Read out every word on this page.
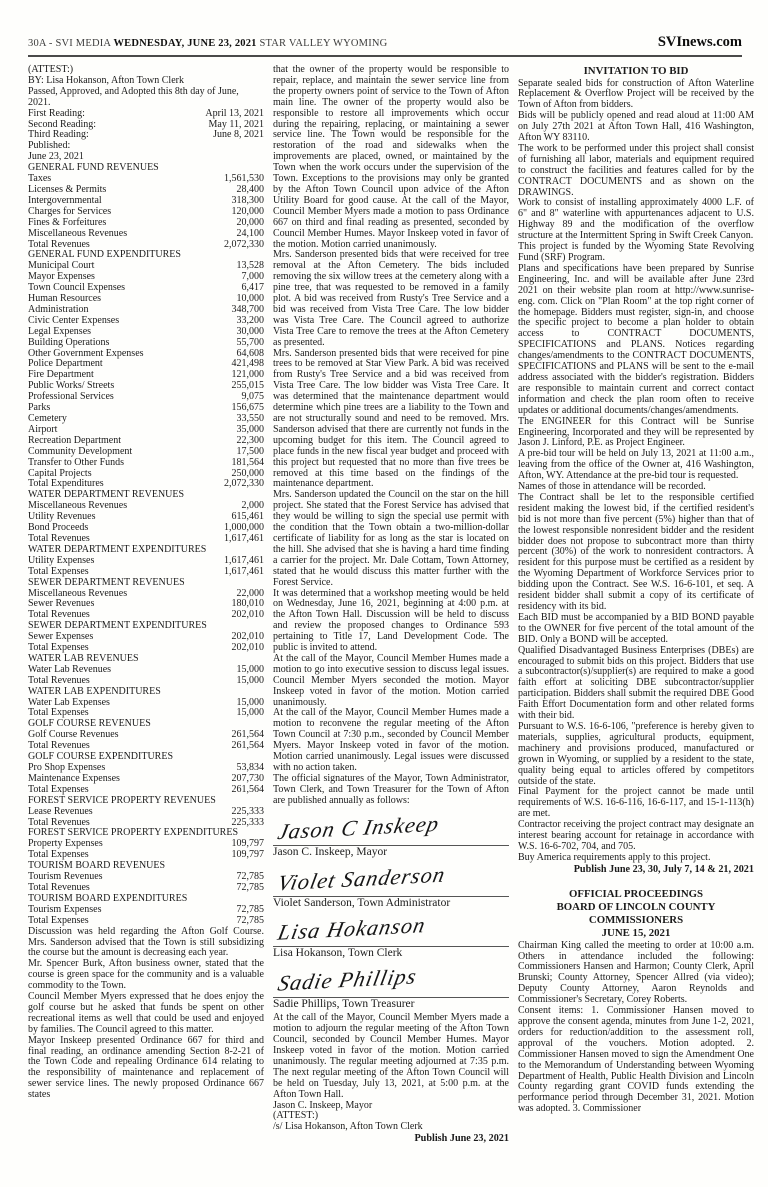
30A - SVI MEDIA WEDNESDAY, JUNE 23, 2021 STAR VALLEY WYOMING	SVInews.com
(ATTEST:)
BY: Lisa Hokanson, Afton Town Clerk
Passed, Approved, and Adopted this 8th day of June, 2021.
First Reading:	April 13, 2021
Second Reading:	May 11, 2021
Third Reading:	June 8, 2021
Published:
June 23, 2021
GENERAL FUND REVENUES
Taxes	1,561,530
Licenses & Permits	28,400
Intergovernmental	318,300
Charges for Services	120,000
Fines & Forfeitures	20,000
Miscellaneous Revenues	24,100
Total Revenues	2,072,330
GENERAL FUND EXPENDITURES
Municipal Court	13,528
Mayor Expenses	7,000
Town Council Expenses	6,417
Human Resources	10,000
Administration	348,700
Civic Center Expenses	33,200
Legal Expenses	30,000
Building Operations	55,700
Other Government Expenses	64,608
Police Department	421,498
Fire Department	121,000
Public Works/ Streets	255,015
Professional Services	9,075
Parks	156,675
Cemetery	33,550
Airport	35,000
Recreation Department	22,300
Community Development	17,500
Transfer to Other Funds	181,564
Capital Projects	250,000
Total Expenditures	2,072,330
WATER DEPARTMENT REVENUES
Miscellaneous Revenues	2,000
Utility Revenues	615,461
Bond Proceeds	1,000,000
Total Revenues	1,617,461
WATER DEPARTMENT EXPENDITURES
Utility Expenses	1,617,461
Total Expenses	1,617,461
SEWER DEPARTMENT REVENUES
Miscellaneous Revenues	22,000
Sewer Revenues	180,010
Total Revenues	202,010
SEWER DEPARTMENT EXPENDITURES
Sewer Expenses	202,010
Total Expenses	202,010
WATER LAB REVENUES
Water Lab Revenues	15,000
Total Revenues	15,000
WATER LAB EXPENDITURES
Water Lab Expenses	15,000
Total Expenses	15,000
GOLF COURSE REVENUES
Golf Course Revenues	261,564
Total Revenues	261,564
GOLF COURSE EXPENDITURES
Pro Shop Expenses	53,834
Maintenance Expenses	207,730
Total Expenses	261,564
FOREST SERVICE PROPERTY REVENUES
Lease Revenues	225,333
Total Revenues	225,333
FOREST SERVICE PROPERTY EXPENDITURES
Property Expenses	109,797
Total Expenses	109,797
TOURISM BOARD REVENUES
Tourism Revenues	72,785
Total Revenues	72,785
TOURISM BOARD EXPENDITURES
Tourism Expenses	72,785
Total Expenses	72,785

Discussion was held regarding the Afton Golf Course. Mrs. Sanderson advised that the Town is still subsidizing the course but the amount is decreasing each year.

Mr. Spencer Burk, Afton business owner, stated that the course is green space for the community and is a valuable commodity to the Town.

Council Member Myers expressed that he does enjoy the golf course but he asked that funds be spent on other recreational items as well that could be used and enjoyed by families. The Council agreed to this matter.

Mayor Inskeep presented Ordinance 667 for third and final reading, an ordinance amending Section 8-2-21 of the Town Code and repealing Ordinance 614 relating to the responsibility of maintenance and replacement of sewer service lines. The newly proposed Ordinance 667 states

that the owner of the property would be responsible to repair, replace, and maintain the sewer service line from the property owners point of service to the Town of Afton main line. The owner of the property would also be responsible to restore all improvements which occur during the repairing, replacing, or maintaining a sewer service line. The Town would be responsible for the restoration of the road and sidewalks when the improvements are placed, owned, or maintained by the Town when the work occurs under the supervision of the Town. Exceptions to the provisions may only be granted by the Afton Town Council upon advice of the Afton Utility Board for good cause. At the call of the Mayor, Council Member Myers made a motion to pass Ordinance 667 on third and final reading as presented, seconded by Council Member Humes. Mayor Inskeep voted in favor of the motion. Motion carried unanimously.

Mrs. Sanderson presented bids that were received for tree removal at the Afton Cemetery. The bids included removing the six willow trees at the cemetery along with a pine tree, that was requested to be removed in a family plot. A bid was received from Rusty's Tree Service and a bid was received from Vista Tree Care. The low bidder was Vista Tree Care. The Council agreed to authorize Vista Tree Care to remove the trees at the Afton Cemetery as presented.

Mrs. Sanderson presented bids that were received for pine trees to be removed at Star View Park. A bid was received from Rusty's Tree Service and a bid was received from Vista Tree Care. The low bidder was Vista Tree Care. It was determined that the maintenance department would determine which pine trees are a liability to the Town and are not structurally sound and need to be removed. Mrs. Sanderson advised that there are currently not funds in the upcoming budget for this item. The Council agreed to place funds in the new fiscal year budget and proceed with this project but requested that no more than five trees be removed at this time based on the findings of the maintenance department.

Mrs. Sanderson updated the Council on the star on the hill project. She stated that the Forest Service has advised that they would be willing to sign the special use permit with the condition that the Town obtain a two-million-dollar certificate of liability for as long as the star is located on the hill. She advised that she is having a hard time finding a carrier for the project. Mr. Dale Cottam, Town Attorney, stated that he would discuss this matter further with the Forest Service.

It was determined that a workshop meeting would be held on Wednesday, June 16, 2021, beginning at 4:00 p.m. at the Afton Town Hall. Discussion will be held to discuss and review the proposed changes to Ordinance 593 pertaining to Title 17, Land Development Code. The public is invited to attend.

At the call of the Mayor, Council Member Humes made a motion to go into executive session to discuss legal issues. Council Member Myers seconded the motion. Mayor Inskeep voted in favor of the motion. Motion carried unanimously.

At the call of the Mayor, Council Member Humes made a motion to reconvene the regular meeting of the Afton Town Council at 7:30 p.m., seconded by Council Member Myers. Mayor Inskeep voted in favor of the motion. Motion carried unanimously. Legal issues were discussed with no action taken.

The official signatures of the Mayor, Town Administrator, Town Clerk, and Town Treasurer for the Town of Afton are published annually as follows:

Jason C Inskeep
Jason C. Inskeep, Mayor
Violet Sanderson
Violet Sanderson, Town Administrator
Lisa Hokanson
Lisa Hokanson, Town Clerk
Sadie Phillips
Sadie Phillips, Town Treasurer

At the call of the Mayor, Council Member Myers made a motion to adjourn the regular meeting of the Afton Town Council, seconded by Council Member Humes. Mayor Inskeep voted in favor of the motion. Motion carried unanimously. The regular meeting adjourned at 7:35 p.m. The next regular meeting of the Afton Town Council will be held on Tuesday, July 13, 2021, at 5:00 p.m. at the Afton Town Hall.

Jason C. Inskeep, Mayor

(ATTEST:)

/s/ Lisa Hokanson, Afton Town Clerk

Publish June 23, 2021
INVITATION TO BID

Separate sealed bids for construction of Afton Waterline Replacement & Overflow Project will be received by the Town of Afton from bidders.

Bids will be publicly opened and read aloud at 11:00 AM on July 27th 2021 at Afton Town Hall, 416 Washington, Afton WY 83110.

The work to be performed under this project shall consist of furnishing all labor, materials and equipment required to construct the facilities and features called for by the CONTRACT DOCUMENTS and as shown on the DRAWINGS.

Work to consist of installing approximately 4000 L.F. of 6" and 8" waterline with appurtenances adjacent to U.S. Highway 89 and the modification of the overflow structure at the Intermittent Spring in Swift Creek Canyon.

This project is funded by the Wyoming State Revolving Fund (SRF) Program.

Plans and specifications have been prepared by Sunrise Engineering, Inc. and will be available after June 23rd 2021 on their website plan room at http://www.sunrise-eng. com. Click on "Plan Room" at the top right corner of the homepage. Bidders must register, sign-in, and choose the specific project to become a plan holder to obtain access to CONTRACT DOCUMENTS, SPECIFICATIONS and PLANS. Notices regarding changes/amendments to the CONTRACT DOCUMENTS, SPECIFICATIONS and PLANS will be sent to the e-mail address associated with the bidder's registration. Bidders are responsible to maintain current and correct contact information and check the plan room often to receive updates or additional documents/changes/amendments.

The ENGINEER for this Contract will be Sunrise Engineering, Incorporated and they will be represented by Jason J. Linford, P.E. as Project Engineer.

A pre-bid tour will be held on July 13, 2021 at 11:00 a.m., leaving from the office of the Owner at, 416 Washington, Afton, WY. Attendance at the pre-bid tour is requested.

Names of those in attendance will be recorded.

The Contract shall be let to the responsible certified resident making the lowest bid, if the certified resident's bid is not more than five percent (5%) higher than that of the lowest responsible nonresident bidder and the resident bidder does not propose to subcontract more than thirty percent (30%) of the work to nonresident contractors. A resident for this purpose must be certified as a resident by the Wyoming Department of Workforce Services prior to bidding upon the Contract. See W.S. 16-6-101, et seq. A resident bidder shall submit a copy of its certificate of residency with its bid.

Each BID must be accompanied by a BID BOND payable to the OWNER for five percent of the total amount of the BID. Only a BOND will be accepted.

Qualified Disadvantaged Business Enterprises (DBEs) are encouraged to submit bids on this project. Bidders that use a subcontractor(s)/supplier(s) are required to make a good faith effort at soliciting DBE subcontractor/supplier participation. Bidders shall submit the required DBE Good Faith Effort Documentation form and other related forms with their bid.

Pursuant to W.S. 16-6-106, "preference is hereby given to materials, supplies, agricultural products, equipment, machinery and provisions produced, manufactured or grown in Wyoming, or supplied by a resident to the state, quality being equal to articles offered by competitors outside of the state.

Final Payment for the project cannot be made until requirements of W.S. 16-6-116, 16-6-117, and 15-1-113(h) are met.

Contractor receiving the project contract may designate an interest bearing account for retainage in accordance with W.S. 16-6-702, 704, and 705.

Buy America requirements apply to this project.

Publish June 23, 30, July 7, 14 & 21, 2021
OFFICIAL PROCEEDINGS
BOARD OF LINCOLN COUNTY COMMISSIONERS
JUNE 15, 2021

Chairman King called the meeting to order at 10:00 a.m. Others in attendance included the following: Commissioners Hansen and Harmon; County Clerk, April Brunski; County Attorney, Spencer Allred (via video); Deputy County Attorney, Aaron Reynolds and Commissioner's Secretary, Corey Roberts.

Consent items: 1. Commissioner Hansen moved to approve the consent agenda, minutes from June 1-2, 2021, orders for reduction/addition to the assessment roll, approval of the vouchers. Motion adopted. 2. Commissioner Hansen moved to sign the Amendment One to the Memorandum of Understanding between Wyoming Department of Health, Public Health Division and Lincoln County regarding grant COVID funds extending the performance period through December 31, 2021. Motion was adopted. 3. Commissioner
